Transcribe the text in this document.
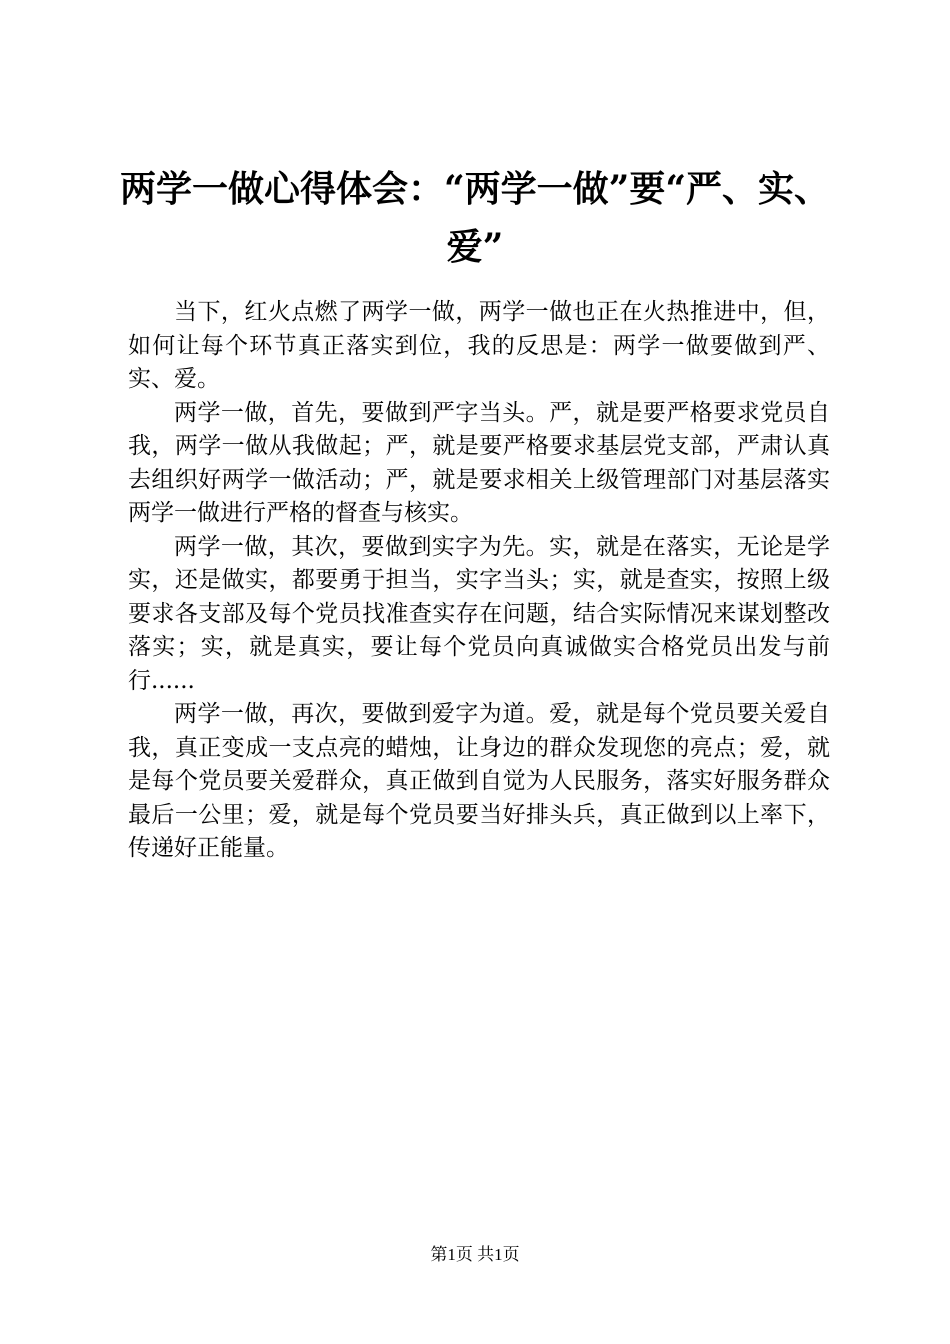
两学一做心得体会：“两学一做”要“严、实、爱”

当下，红火点燃了两学一做，两学一做也正在火热推进中，但，如何让每个环节真正落实到位，我的反思是：两学一做要做到严、实、爱。

两学一做，首先，要做到严字当头。严，就是要严格要求党员自我，两学一做从我做起；严，就是要严格要求基层党支部，严肃认真去组织好两学一做活动；严，就是要求相关上级管理部门对基层落实两学一做进行严格的督查与核实。

两学一做，其次，要做到实字为先。实，就是在落实，无论是学实，还是做实，都要勇于担当，实字当头；实，就是查实，按照上级要求各支部及每个党员找准查实存在问题，结合实际情况来谋划整改落实；实，就是真实，要让每个党员向真诚做实合格党员出发与前行......

两学一做，再次，要做到爱字为道。爱，就是每个党员要关爱自我，真正变成一支点亮的蜡烛，让身边的群众发现您的亮点；爱，就是每个党员要关爱群众，真正做到自觉为人民服务，落实好服务群众最后一公里；爱，就是每个党员要当好排头兵，真正做到以上率下，传递好正能量。

第1页 共1页
